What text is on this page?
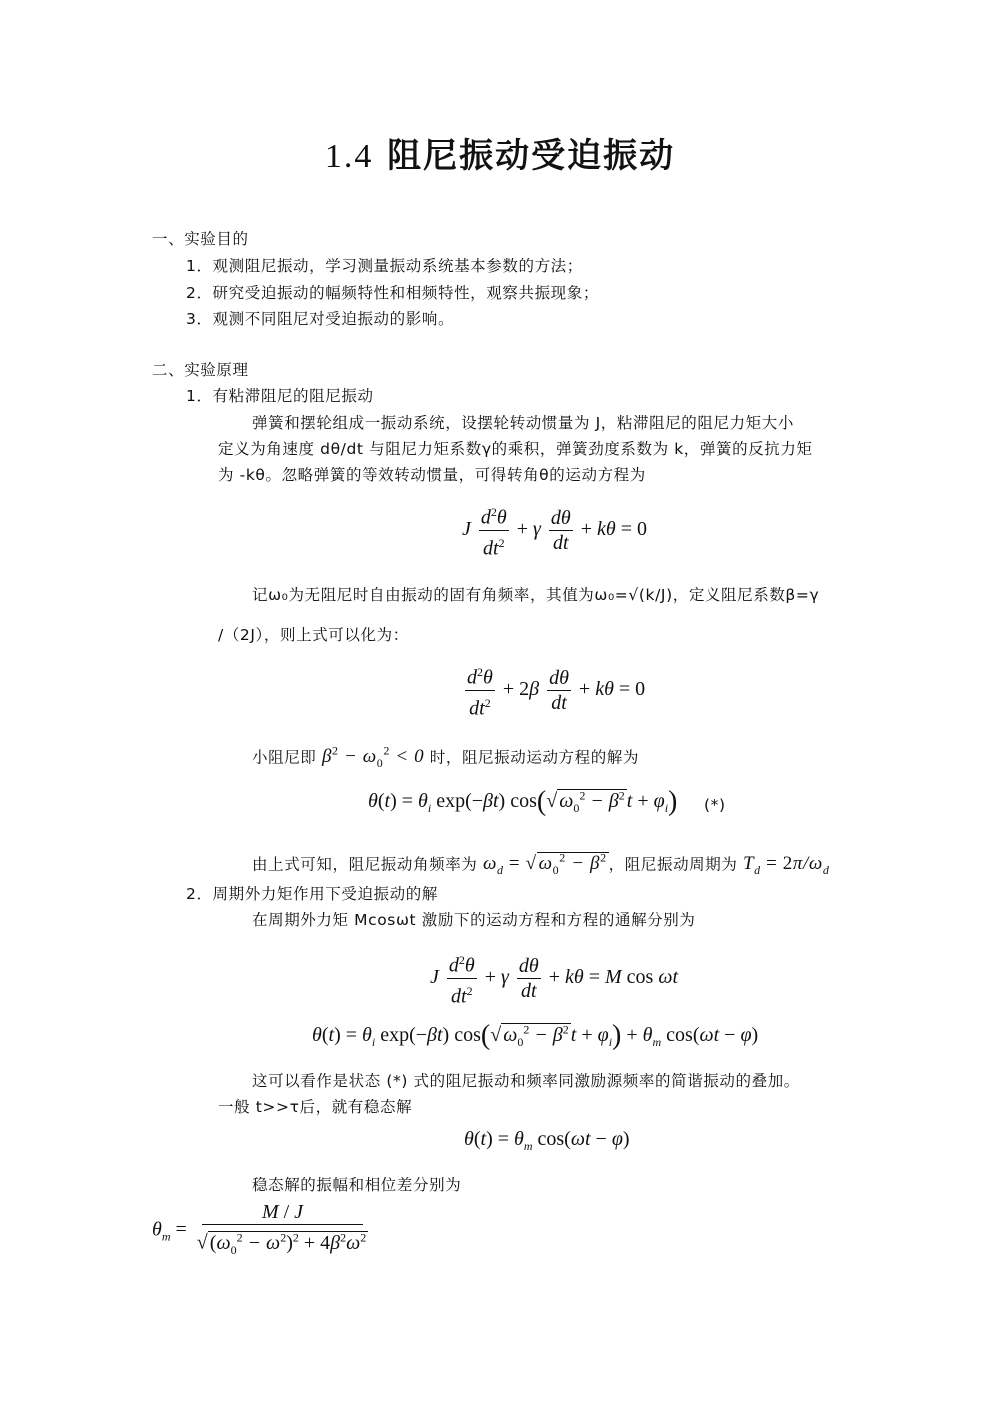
1.4 阻尼振动受迫振动
一、实验目的
1．观测阻尼振动，学习测量振动系统基本参数的方法；
2．研究受迫振动的幅频特性和相频特性，观察共振现象；
3．观测不同阻尼对受迫振动的影响。
二、实验原理
1．有粘滞阻尼的阻尼振动
弹簧和摆轮组成一振动系统，设摆轮转动惯量为 J，粘滞阻尼的阻尼力矩大小
定义为角速度 dθ/dt 与阻尼力矩系数γ的乘积，弹簧劲度系数为 k，弹簧的反抗力矩
为 -kθ。忽略弹簧的等效转动惯量，可得转角θ的运动方程为
J $\frac{d^2\theta}{dt^2} + \gamma \frac{d\theta}{dt} + k\theta = 0$
记ω₀为无阻尼时自由振动的固有角频率，其值为ω₀=√(k/J)，定义阻尼系数β=γ
/（2J），则上式可以化为：
$\frac{d^2\theta}{dt^2} + 2\beta \frac{d\theta}{dt} + k\theta = 0$
小阻尼即 $\beta^2 - \omega_0^2 < 0$ 时，阻尼振动运动方程的解为
$\theta(t) = \theta_i$ exp(−βt) cos(√ $\omega_0^2 - \beta^2$ $t + \varphi_i$) (*)
由上式可知，阻尼振动角频率为 $\omega_d$ = √ $\omega_0^2 - \beta^2$ ，阻尼振动周期为 $T_d = 2\pi/\omega_d$
2．周期外力矩作用下受迫振动的解
在周期外力矩 Mcosωt 激励下的运动方程和方程的通解分别为
J $\frac{d^2\theta}{dt^2} + \gamma \frac{d\theta}{dt} + k\theta = M$ cos ωt
$\theta(t) = \theta_i$ exp(−βt) cos(√ $\omega_0^2 - \beta^2$ $t + \varphi_i) + \theta_m$ cos(ωt − φ)
这可以看作是状态 (*) 式的阻尼振动和频率同激励源频率的简谐振动的叠加。
一般 t>>τ后，就有稳态解
$\theta(t) = \theta_m$ cos(ωt − φ)
稳态解的振幅和相位差分别为
$\theta_m = \frac{M / J}{√ (\omega_0^2 - \omega^2)^2 + 4\beta^2\omega^2}$
